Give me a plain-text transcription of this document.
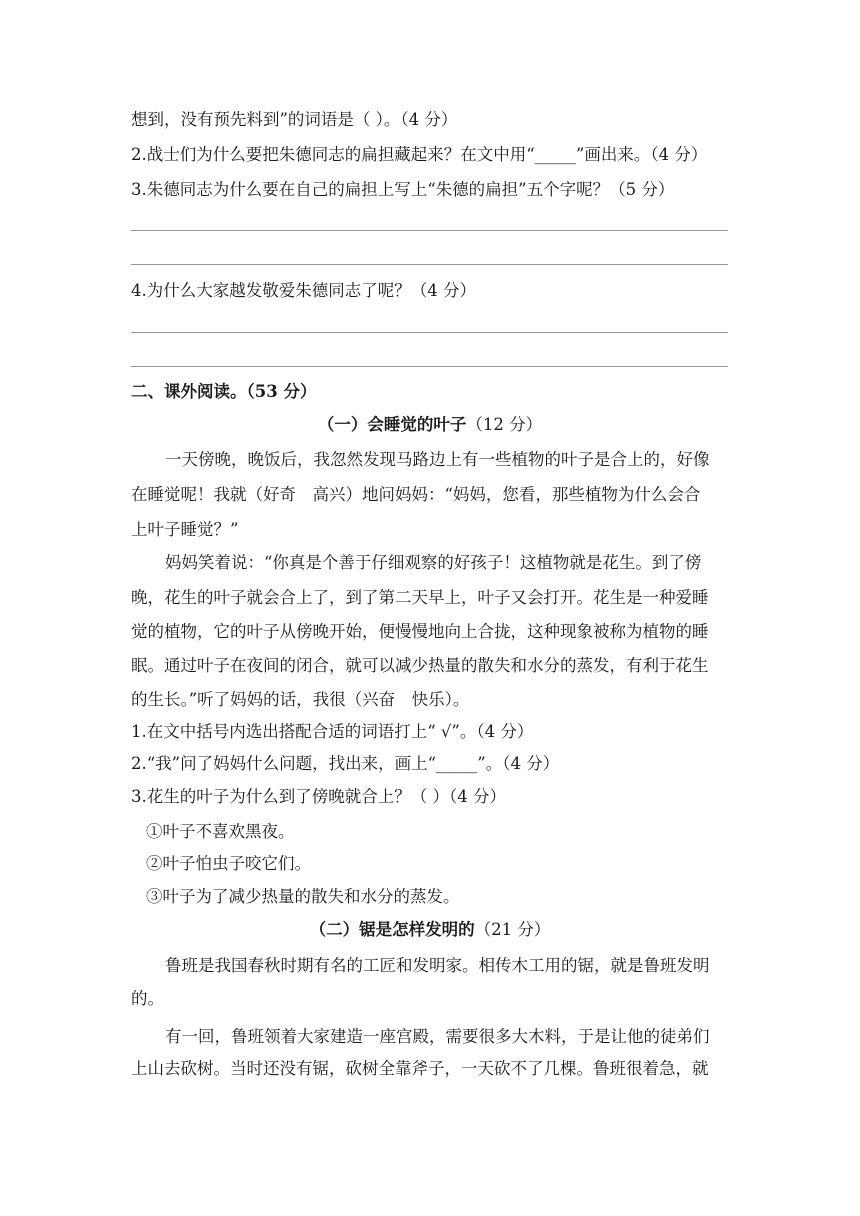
想到，没有预先料到”的词语是（ ）。（4 分）
2.战士们为什么要把朱德同志的扁担藏起来？在文中用“_____”画出来。（4 分）
3.朱德同志为什么要在自己的扁担上写上“朱德的扁担”五个字呢？（5 分）
4.为什么大家越发敬爱朱德同志了呢？（4 分）
二、课外阅读。（53 分）
（一）会睡觉的叶子（12 分）
一天傍晚，晚饭后，我忽然发现马路边上有一些植物的叶子是合上的，好像
在睡觉呢！我就（好奇　高兴）地问妈妈：“妈妈，您看，那些植物为什么会合
上叶子睡觉？”
妈妈笑着说：“你真是个善于仔细观察的好孩子！这植物就是花生。到了傍
晚，花生的叶子就会合上了，到了第二天早上，叶子又会打开。花生是一种爱睡
觉的植物，它的叶子从傍晚开始，便慢慢地向上合拢，这种现象被称为植物的睡
眠。通过叶子在夜间的闭合，就可以减少热量的散失和水分的蒸发，有利于花生
的生长。”听了妈妈的话，我很（兴奋　快乐）。
1.在文中括号内选出搭配合适的词语打上“ √”。（4 分）
2.“我”问了妈妈什么问题，找出来，画上“_____”。（4 分）
3.花生的叶子为什么到了傍晚就合上？（ ）（4 分）
①叶子不喜欢黑夜。
②叶子怕虫子咬它们。
③叶子为了减少热量的散失和水分的蒸发。
（二）锯是怎样发明的（21 分）
鲁班是我国春秋时期有名的工匠和发明家。相传木工用的锯，就是鲁班发明
的。
有一回，鲁班领着大家建造一座宫殿，需要很多大木料，于是让他的徒弟们
上山去砍树。当时还没有锯，砍树全靠斧子，一天砍不了几棵。鲁班很着急，就
